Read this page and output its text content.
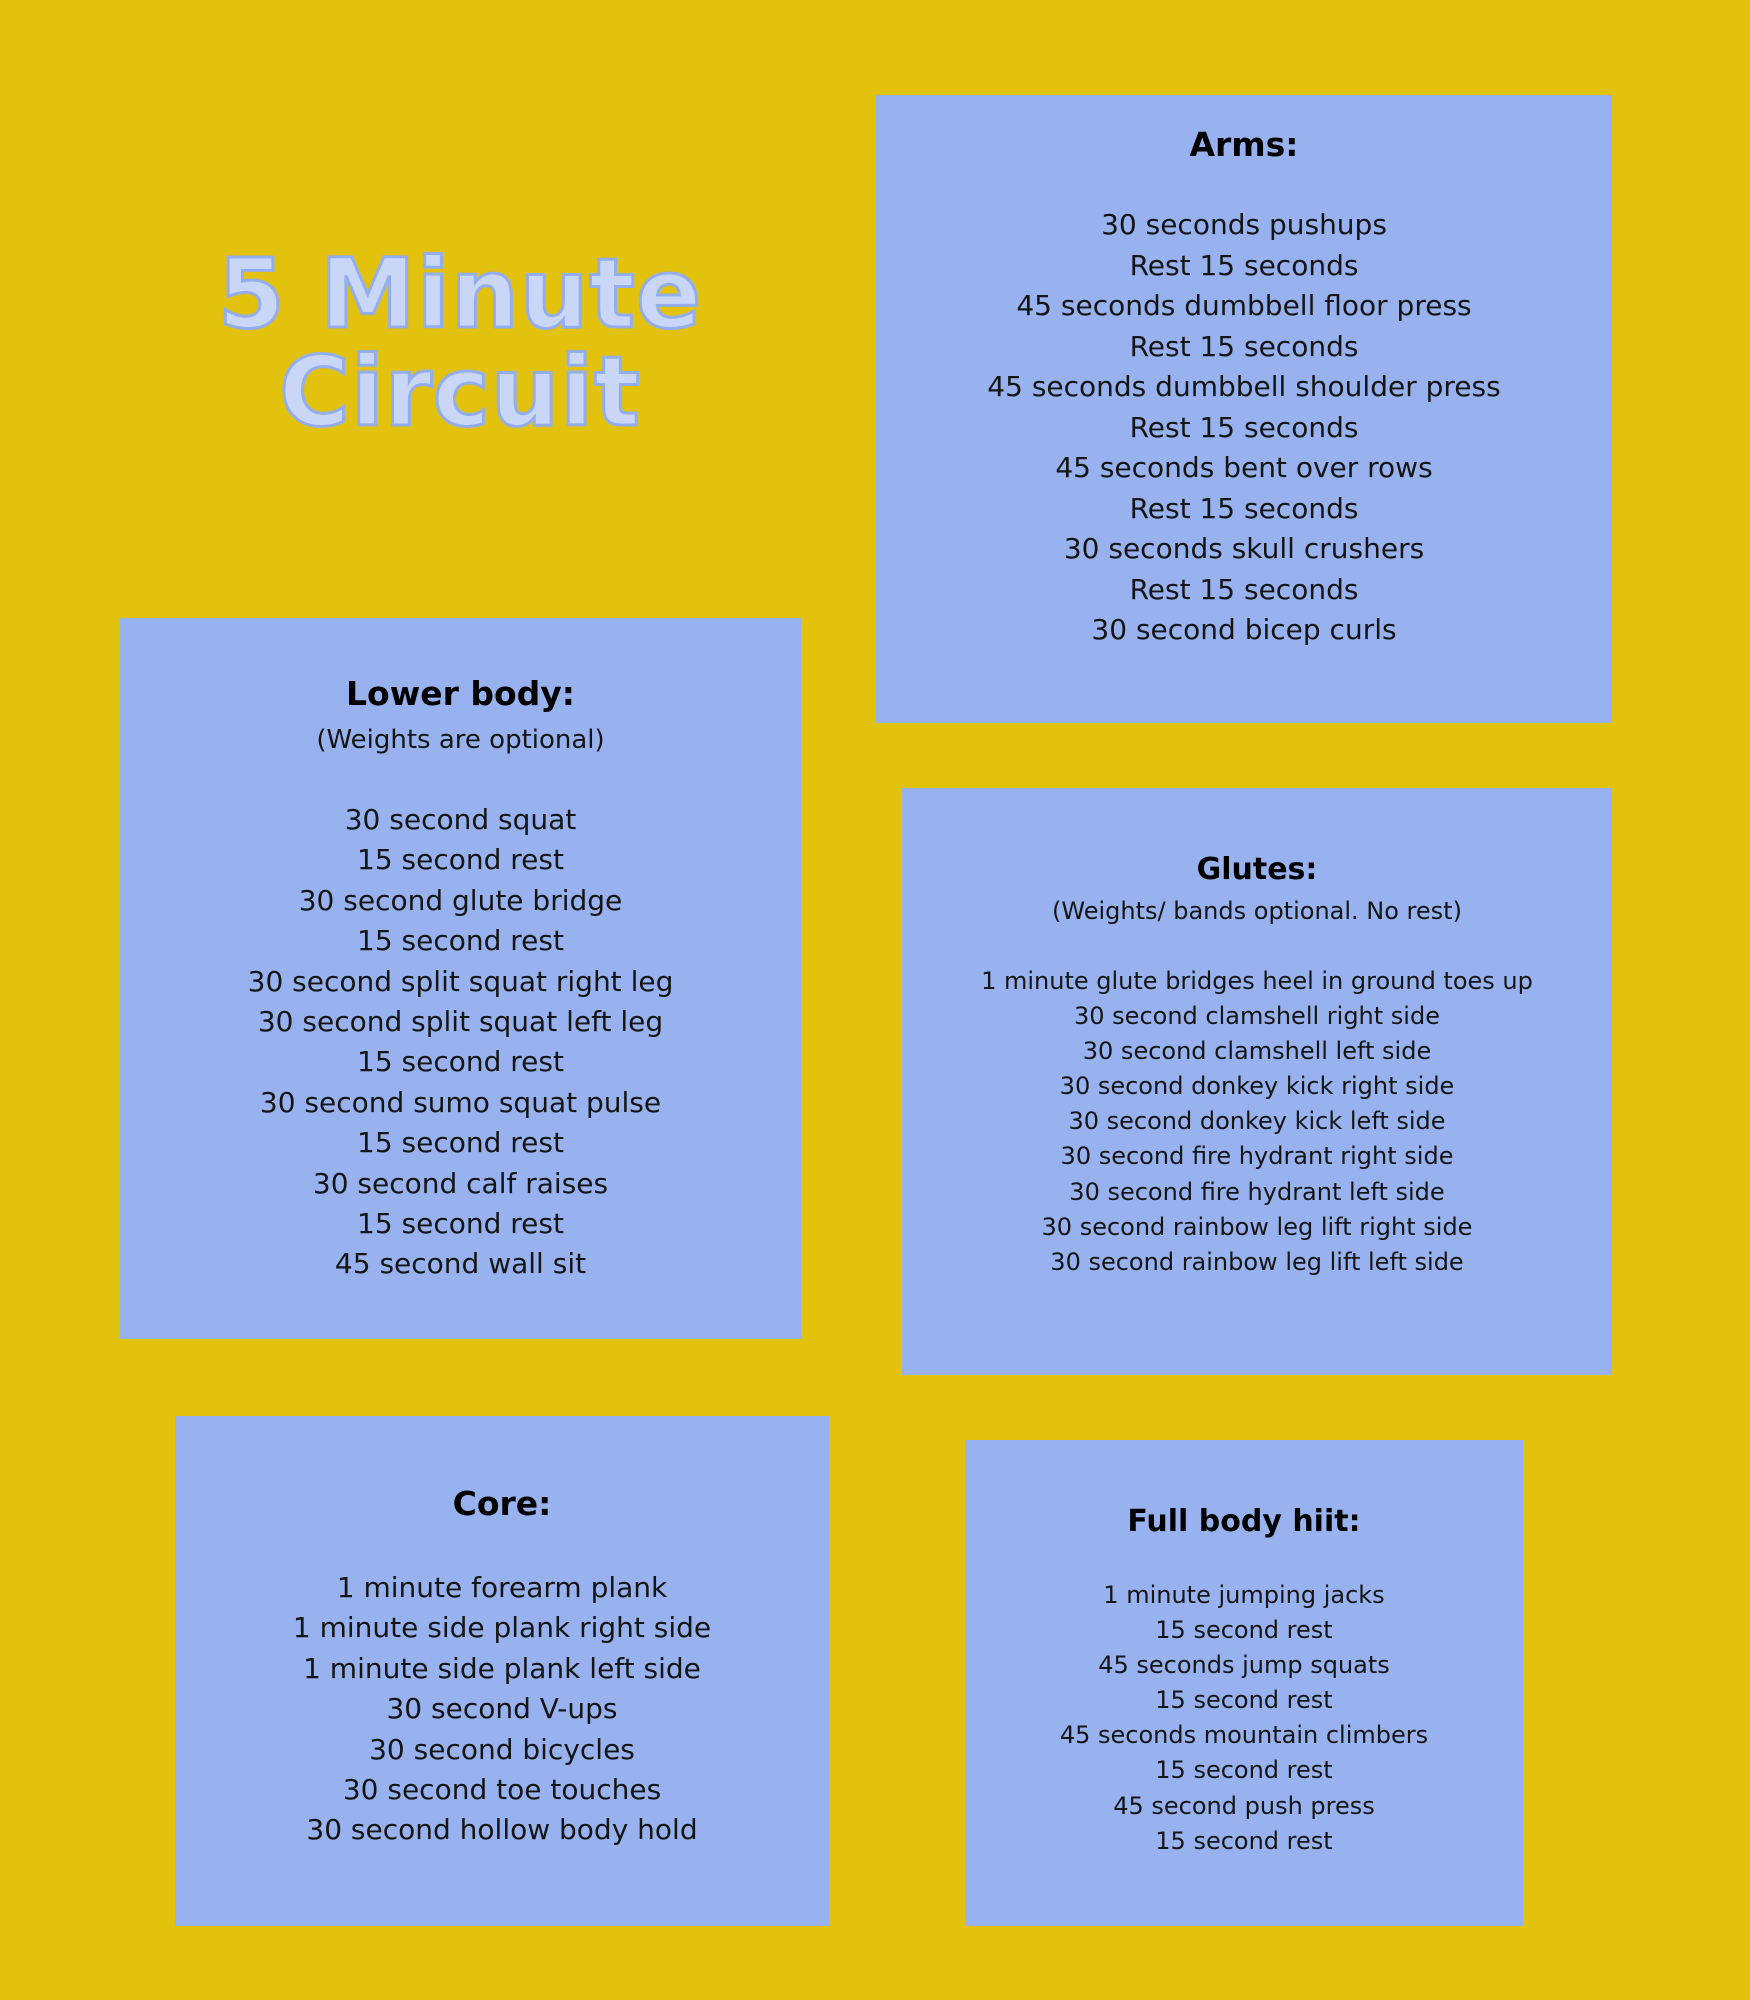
5 Minute
Circuit
Arms:
30 seconds pushups
Rest 15 seconds
45 seconds dumbbell floor press
Rest 15 seconds
45 seconds dumbbell shoulder press
Rest 15 seconds
45 seconds bent over rows
Rest 15 seconds
30 seconds skull crushers
Rest 15 seconds
30 second bicep curls
Lower body:
(Weights are optional)
30 second squat
15 second rest
30 second glute bridge
15 second rest
30 second split squat right leg
30 second split squat left leg
15 second rest
30 second sumo squat pulse
15 second rest
30 second calf raises
15 second rest
45 second wall sit
Glutes:
(Weights/ bands optional. No rest)
1 minute glute bridges heel in ground toes up
30 second clamshell right side
30 second clamshell left side
30 second donkey kick right side
30 second donkey kick left side
30 second fire hydrant right side
30 second fire hydrant left side
30 second rainbow leg lift right side
30 second rainbow leg lift left side
Core:
1 minute forearm plank
1 minute side plank right side
1 minute side plank left side
30 second V-ups
30 second bicycles
30 second toe touches
30 second hollow body hold
Full body hiit:
1 minute jumping jacks
15 second rest
45 seconds jump squats
15 second rest
45 seconds mountain climbers
15 second rest
45 second push press
15 second rest
